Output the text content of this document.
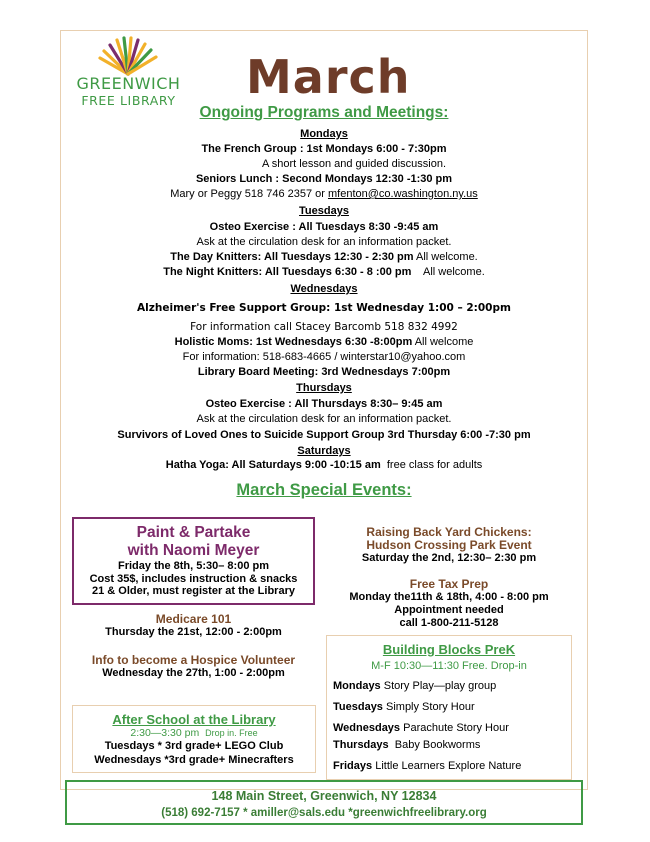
GREENWICH
FREE LIBRARY	March
Ongoing Programs and Meetings:
Mondays
The French Group : 1st Mondays 6:00 - 7:30pm
A short lesson and guided discussion.
Seniors Lunch : Second Mondays 12:30 -1:30 pm
Mary or Peggy 518 746 2357 or mfenton@co.washington.ny.us
Tuesdays
Osteo Exercise : All Tuesdays 8:30 -9:45 am
Ask at the circulation desk for an information packet.
The Day Knitters: All Tuesdays 12:30 - 2:30 pm All welcome.
The Night Knitters: All Tuesdays 6:30 - 8 :00 pm All welcome.
Wednesdays
Alzheimer's Free Support Group: 1st Wednesday 1:00 – 2:00pm
For information call Stacey Barcomb 518 832 4992
Holistic Moms: 1st Wednesdays 6:30 -8:00pm All welcome
For information: 518-683-4665 / winterstar10@yahoo.com
Library Board Meeting: 3rd Wednesdays 7:00pm
Thursdays
Osteo Exercise : All Thursdays 8:30– 9:45 am
Ask at the circulation desk for an information packet.
Survivors of Loved Ones to Suicide Support Group 3rd Thursday 6:00 -7:30 pm
Saturdays
Hatha Yoga: All Saturdays 9:00 -10:15 am free class for adults
March Special Events:
Paint & Partake
with Naomi Meyer
Friday the 8th, 5:30– 8:00 pm
Cost 35$, includes instruction & snacks
21 & Older, must register at the Library
Medicare 101
Thursday the 21st, 12:00 - 2:00pm
Info to become a Hospice Volunteer
Wednesday the 27th, 1:00 - 2:00pm
Raising Back Yard Chickens:
Hudson Crossing Park Event
Saturday the 2nd, 12:30– 2:30 pm
Free Tax Prep
Monday the11th & 18th, 4:00 - 8:00 pm
Appointment needed
call 1-800-211-5128
After School at the Library
2:30—3:30 pm Drop in. Free
Tuesdays * 3rd grade+ LEGO Club
Wednesdays *3rd grade+ Minecrafters
Building Blocks PreK
M-F 10:30—11:30 Free. Drop-in
Mondays Story Play—play group
Tuesdays Simply Story Hour
Wednesdays Parachute Story Hour
Thursdays Baby Bookworms
Fridays Little Learners Explore Nature
148 Main Street, Greenwich, NY 12834
(518) 692-7157 * amiller@sals.edu *greenwichfreelibrary.org
